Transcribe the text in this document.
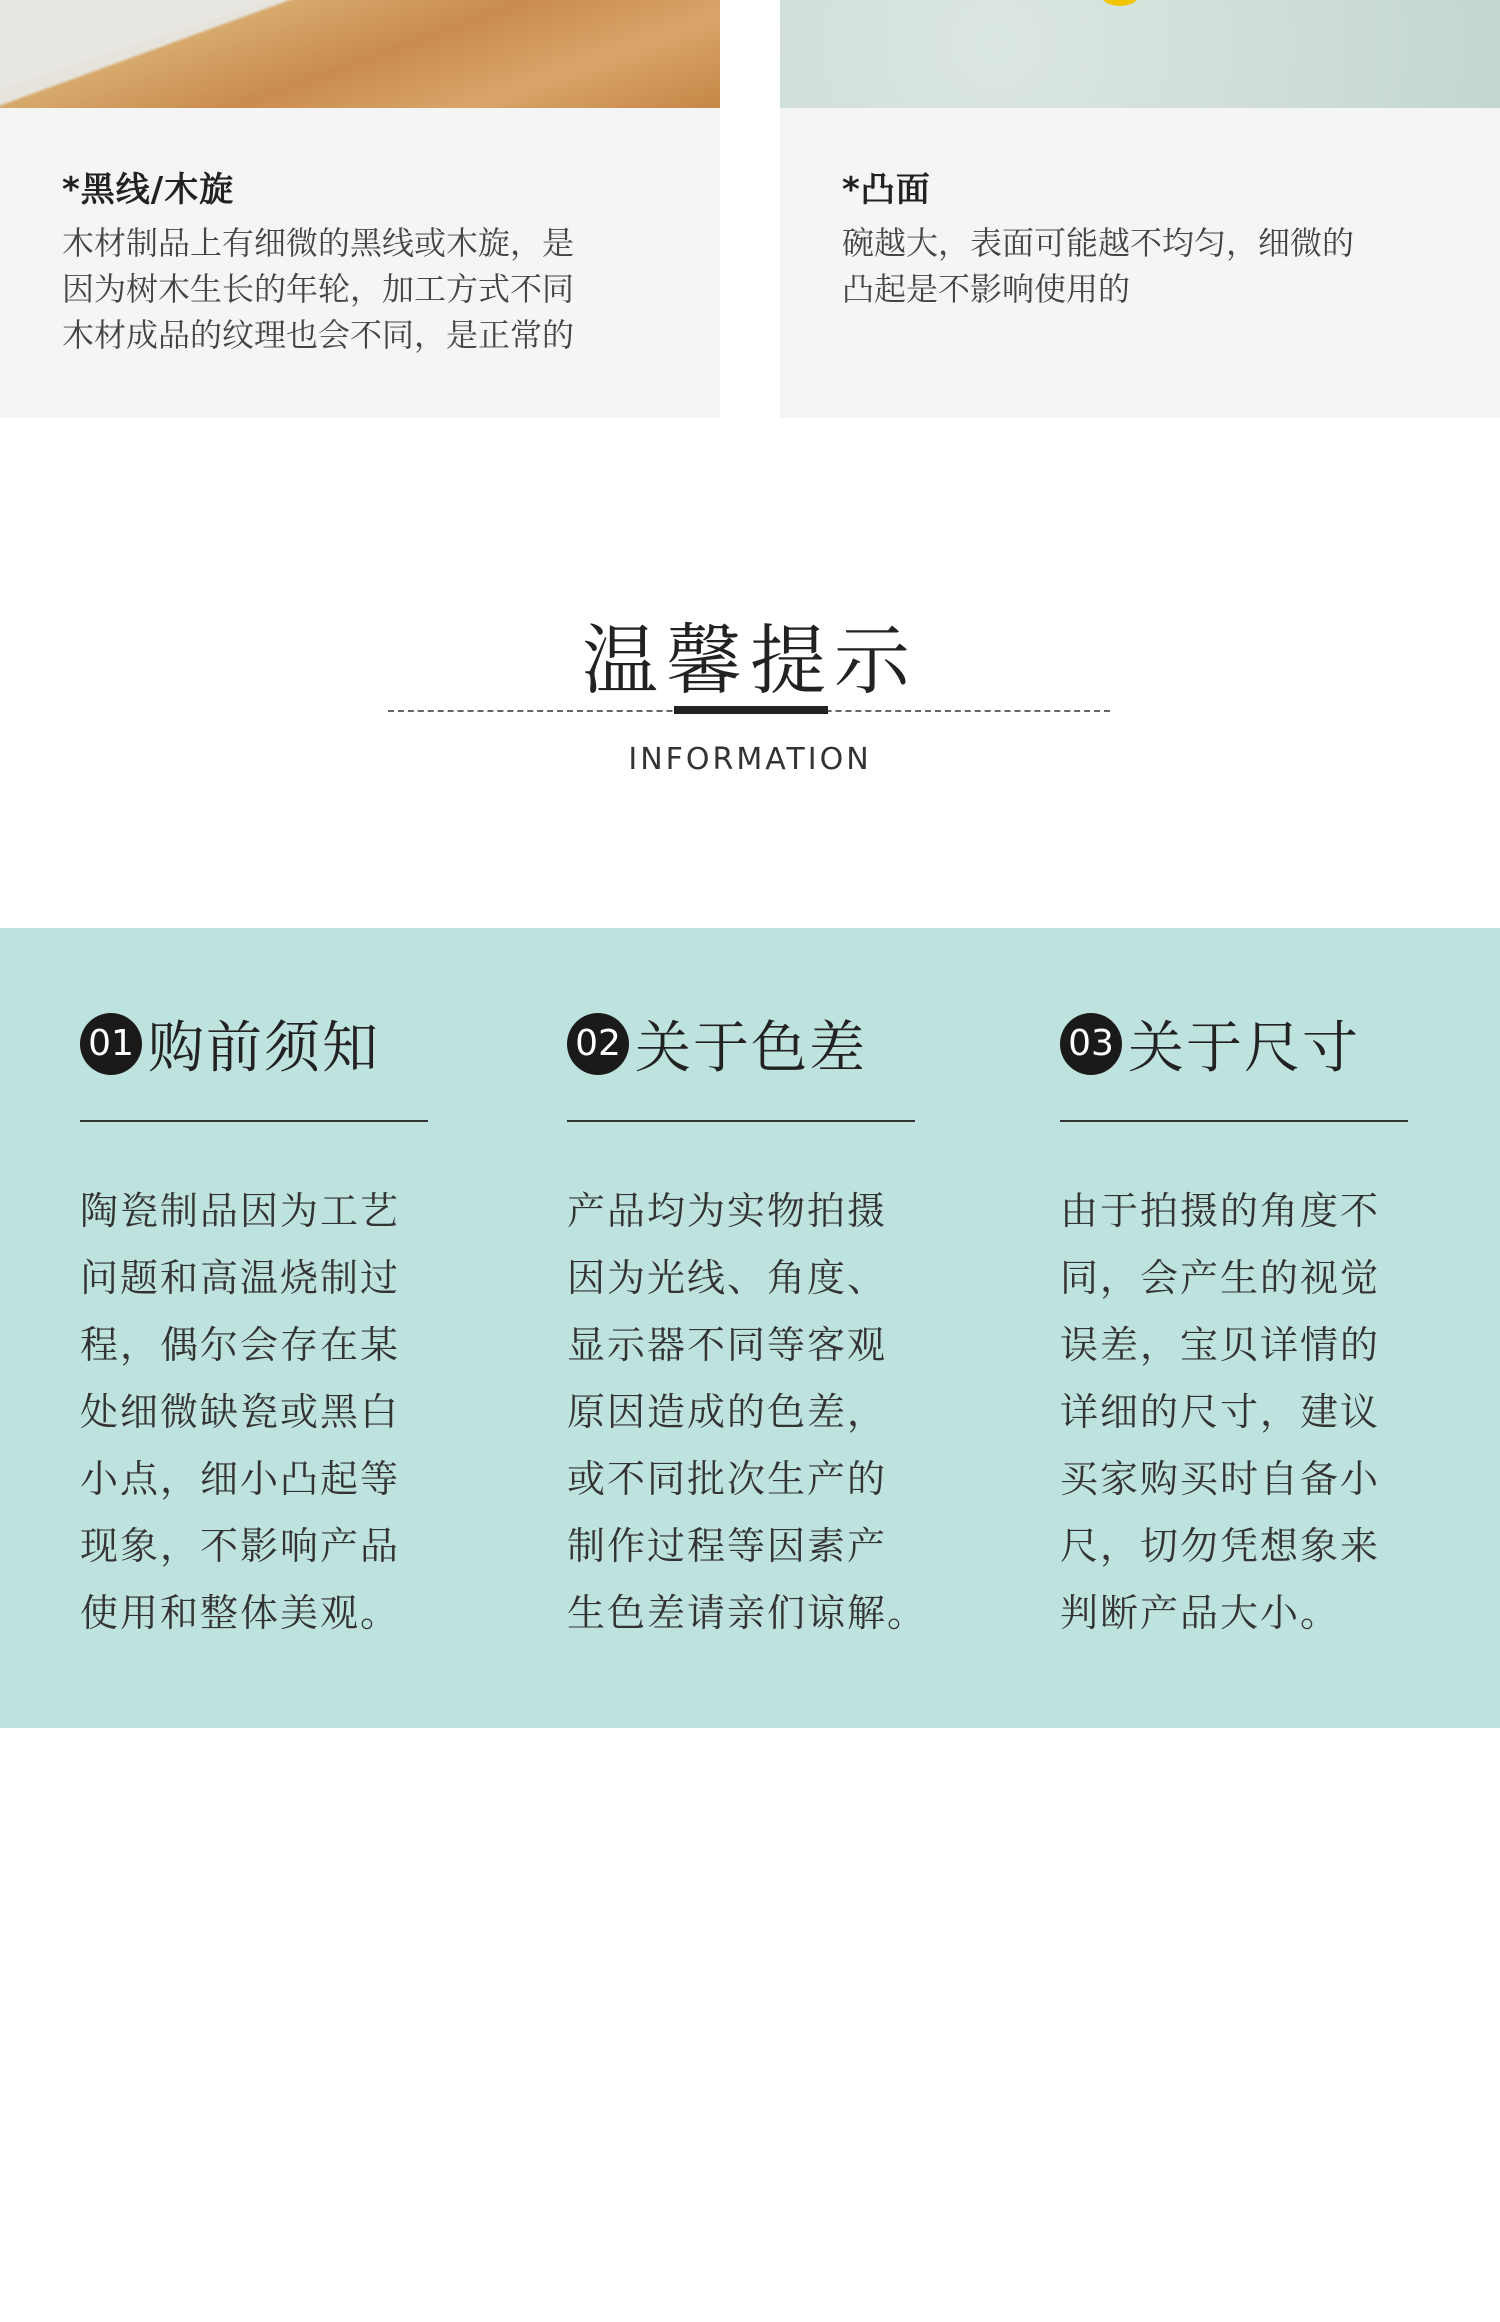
*黑线/木旋
木材制品上有细微的黑线或木旋，是
因为树木生长的年轮，加工方式不同
木材成品的纹理也会不同，是正常的
*凸面
碗越大，表面可能越不均匀，细微的
凸起是不影响使用的
温馨提示
INFORMATION
01 购前须知
陶瓷制品因为工艺
问题和高温烧制过
程，偶尔会存在某
处细微缺瓷或黑白
小点，细小凸起等
现象，不影响产品
使用和整体美观。
02 关于色差
产品均为实物拍摄
因为光线、角度、
显示器不同等客观
原因造成的色差，
或不同批次生产的
制作过程等因素产
生色差请亲们谅解。
03 关于尺寸
由于拍摄的角度不
同，会产生的视觉
误差，宝贝详情的
详细的尺寸，建议
买家购买时自备小
尺，切勿凭想象来
判断产品大小。
